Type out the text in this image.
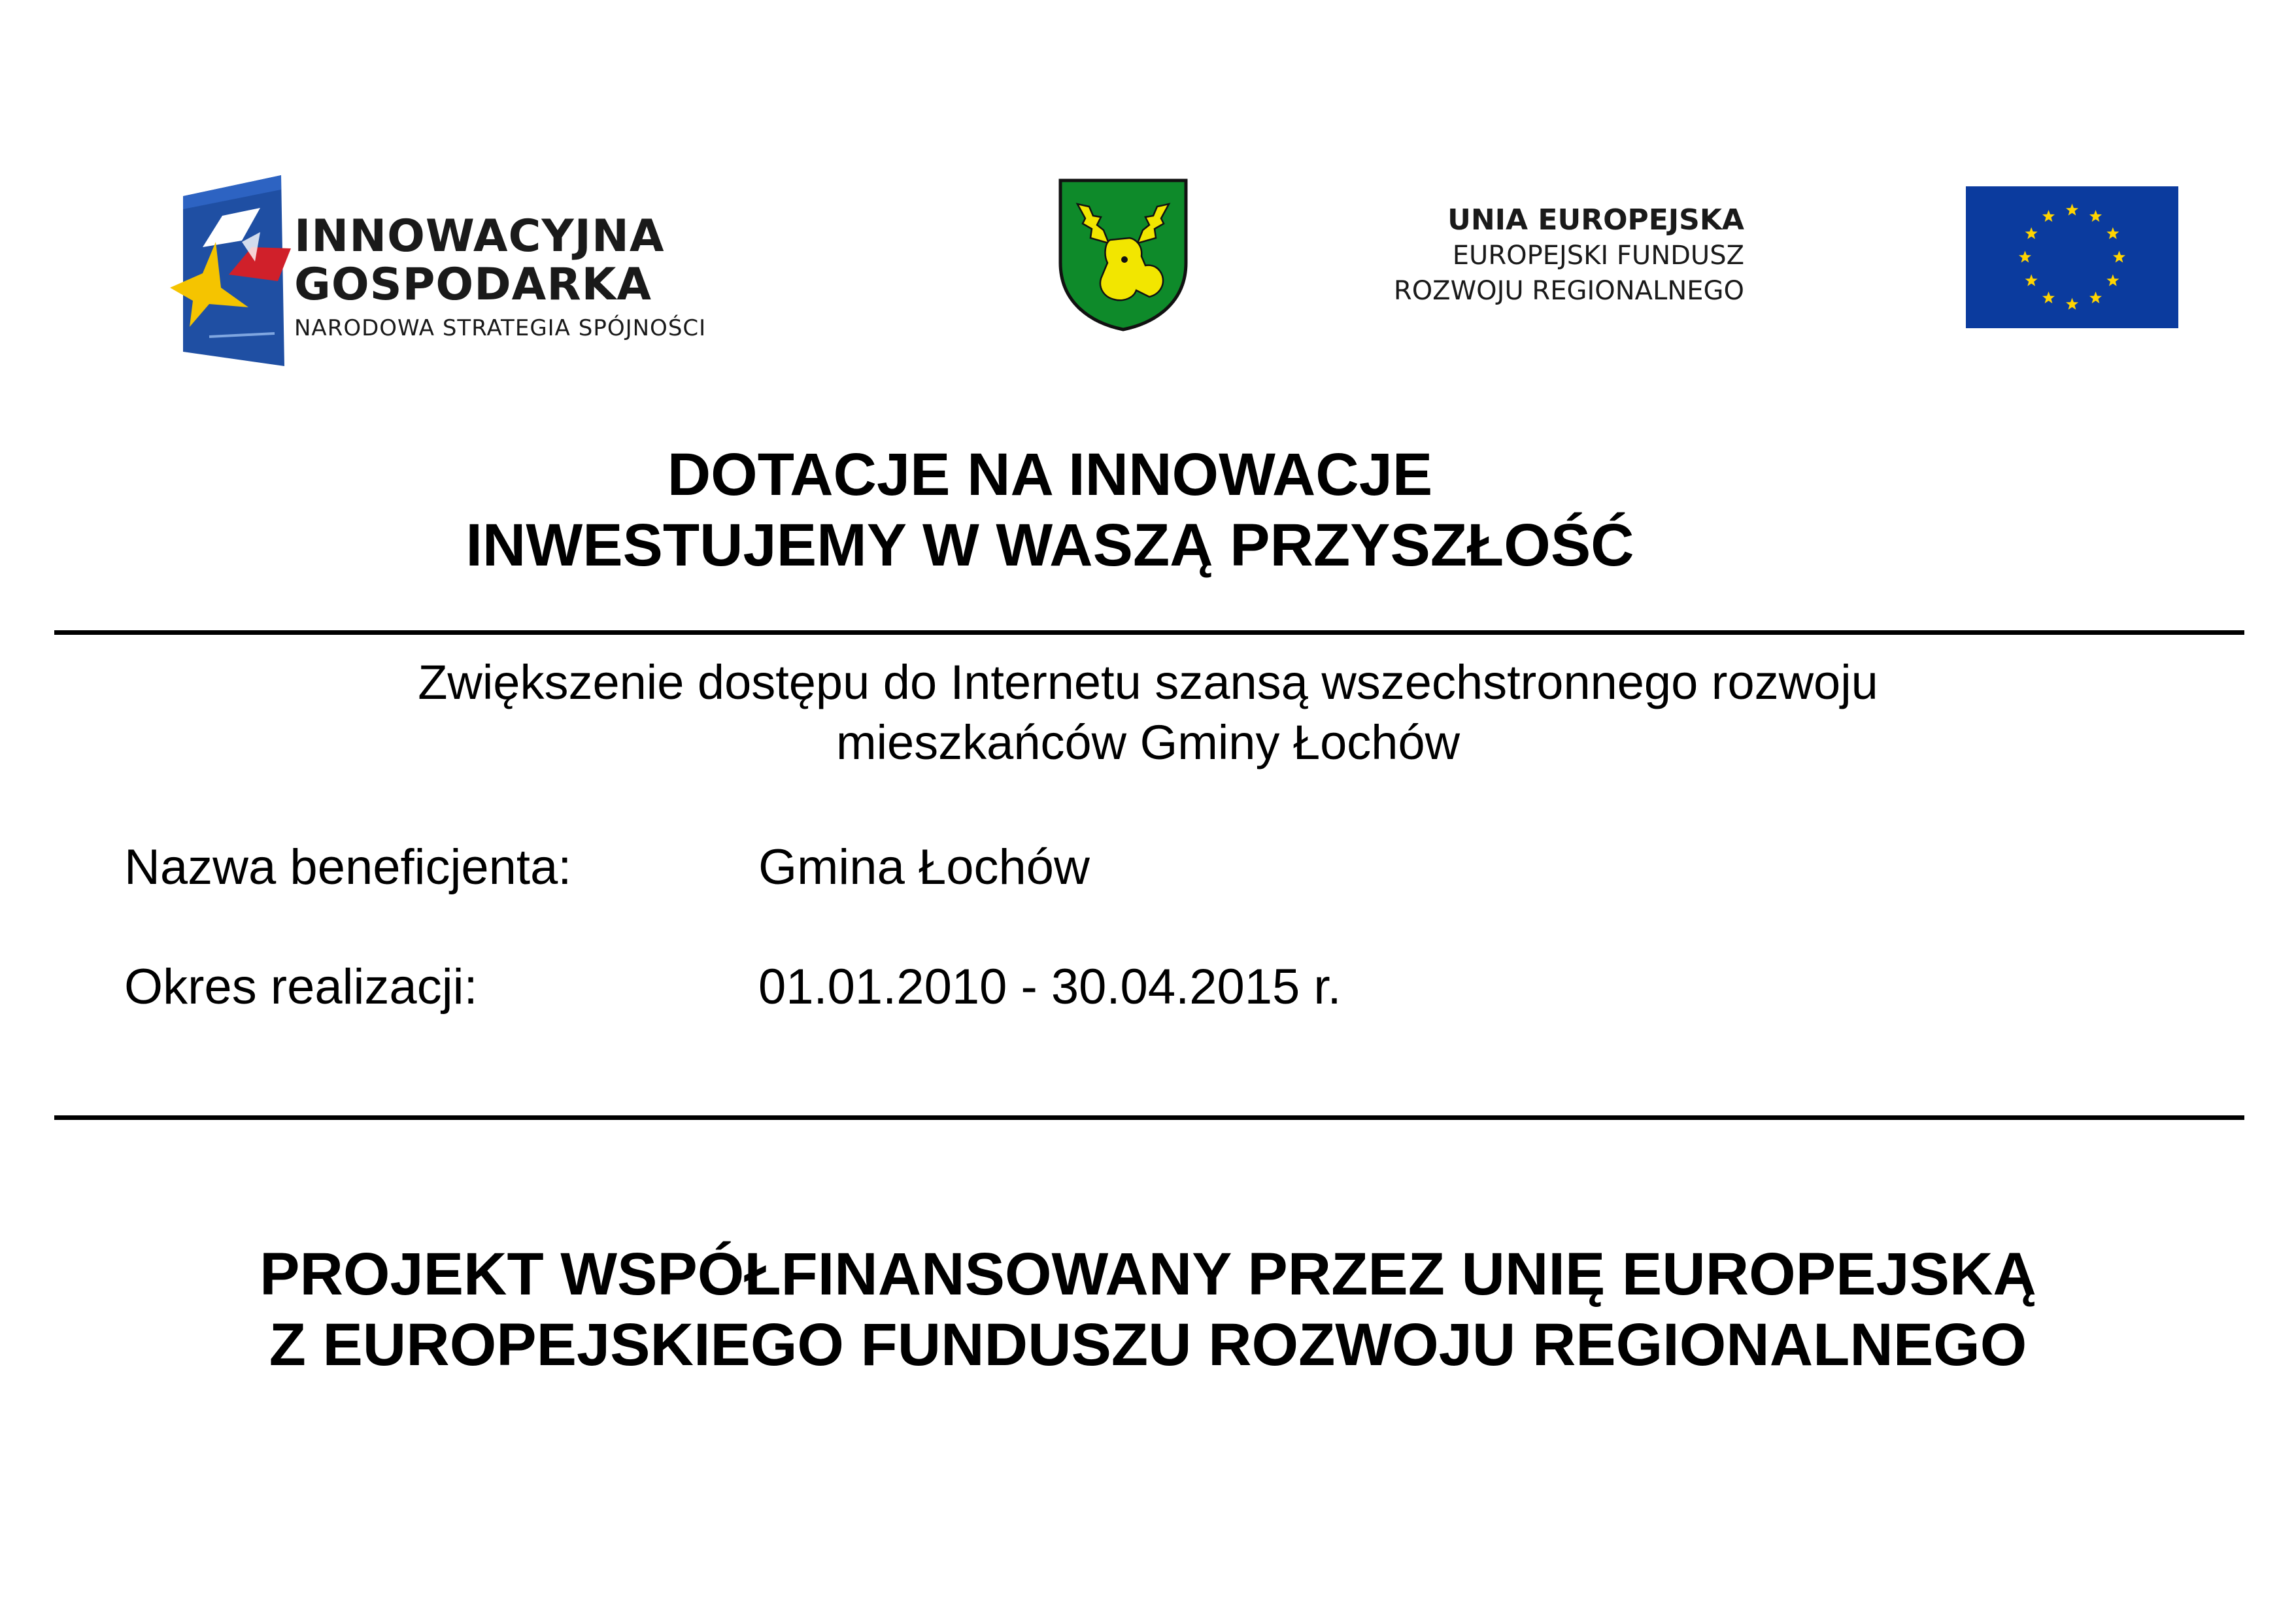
INNOWACYJNA
GOSPODARKA
NARODOWA STRATEGIA SPÓJNOŚCI
UNIA EUROPEJSKA
EUROPEJSKI FUNDUSZ
ROZWOJU REGIONALNEGO
DOTACJE NA INNOWACJE
INWESTUJEMY W WASZĄ PRZYSZŁOŚĆ
Zwiększenie dostępu do Internetu szansą wszechstronnego rozwoju
mieszkańców Gminy Łochów
Nazwa beneficjenta:	Gmina Łochów
Okres realizacji:	01.01.2010 - 30.04.2015 r.
PROJEKT WSPÓŁFINANSOWANY PRZEZ UNIĘ EUROPEJSKĄ
Z EUROPEJSKIEGO FUNDUSZU ROZWOJU REGIONALNEGO
